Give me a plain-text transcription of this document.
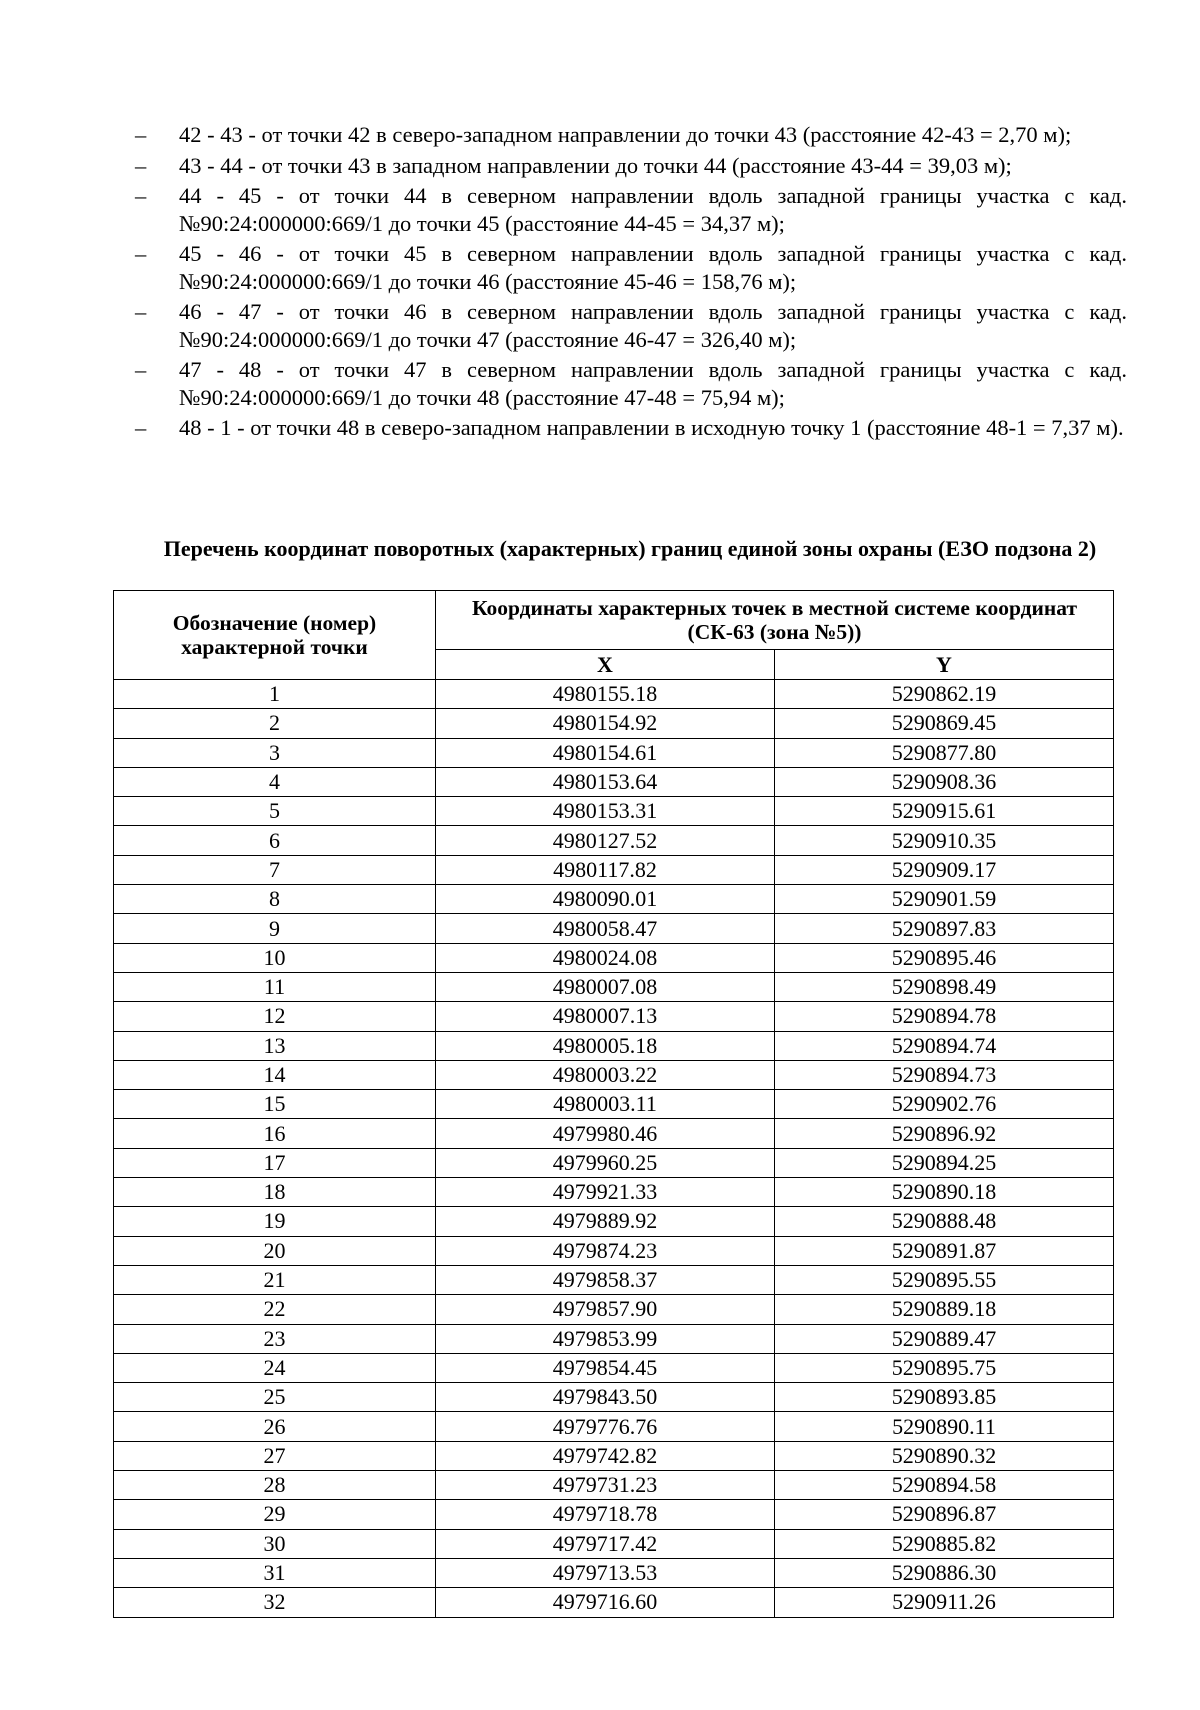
– 42 - 43 - от точки 42 в северо-западном направлении до точки 43 (расстояние 42-43 = 2,70 м);
– 43 - 44 - от точки 43 в западном направлении до точки 44 (расстояние 43-44 = 39,03 м);
– 44 - 45 - от точки 44 в северном направлении вдоль западной границы участка с кад. №90:24:000000:669/1 до точки 45 (расстояние 44-45 = 34,37 м);
– 45 - 46 - от точки 45 в северном направлении вдоль западной границы участка с кад. №90:24:000000:669/1 до точки 46 (расстояние 45-46 = 158,76 м);
– 46 - 47 - от точки 46 в северном направлении вдоль западной границы участка с кад. №90:24:000000:669/1 до точки 47 (расстояние 46-47 = 326,40 м);
– 47 - 48 - от точки 47 в северном направлении вдоль западной границы участка с кад. №90:24:000000:669/1 до точки 48 (расстояние 47-48 = 75,94 м);
– 48 - 1 - от точки 48 в северо-западном направлении в исходную точку 1 (расстояние 48-1 = 7,37 м).
Перечень координат поворотных (характерных) границ единой зоны охраны (ЕЗО подзона 2)
Обозначение (номер) характерной точки	Координаты характерных точек в местной системе координат (СК-63 (зона №5))	
	X	Y
1	4980155.18	5290862.19
2	4980154.92	5290869.45
3	4980154.61	5290877.80
4	4980153.64	5290908.36
5	4980153.31	5290915.61
6	4980127.52	5290910.35
7	4980117.82	5290909.17
8	4980090.01	5290901.59
9	4980058.47	5290897.83
10	4980024.08	5290895.46
11	4980007.08	5290898.49
12	4980007.13	5290894.78
13	4980005.18	5290894.74
14	4980003.22	5290894.73
15	4980003.11	5290902.76
16	4979980.46	5290896.92
17	4979960.25	5290894.25
18	4979921.33	5290890.18
19	4979889.92	5290888.48
20	4979874.23	5290891.87
21	4979858.37	5290895.55
22	4979857.90	5290889.18
23	4979853.99	5290889.47
24	4979854.45	5290895.75
25	4979843.50	5290893.85
26	4979776.76	5290890.11
27	4979742.82	5290890.32
28	4979731.23	5290894.58
29	4979718.78	5290896.87
30	4979717.42	5290885.82
31	4979713.53	5290886.30
32	4979716.60	5290911.26
